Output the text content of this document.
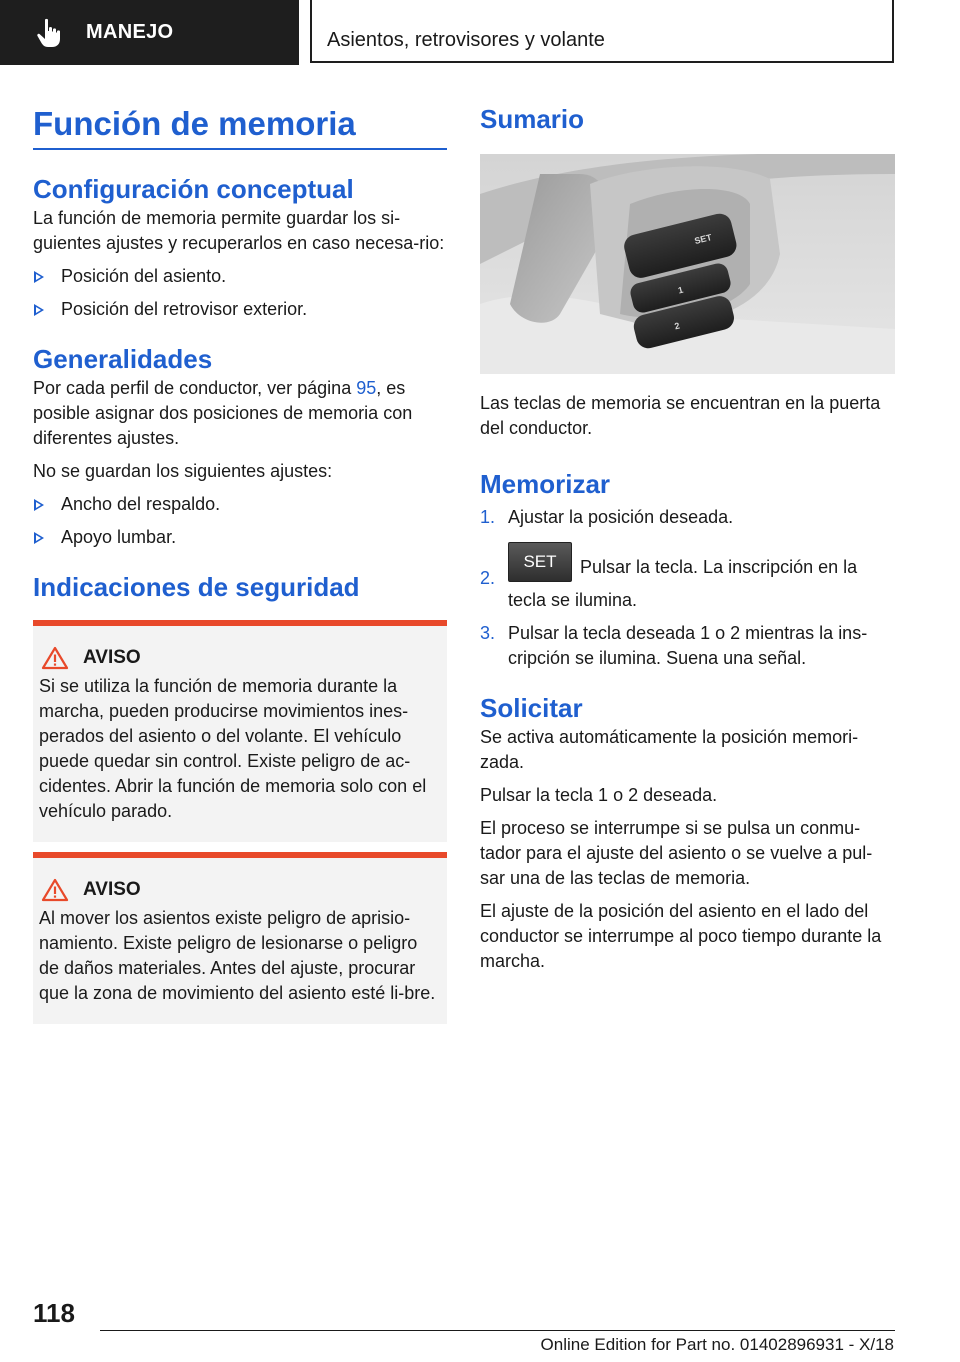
MANEJO	Asientos, retrovisores y volante
Función de memoria
Configuración conceptual

La función de memoria permite guardar los si-guientes ajustes y recuperarlos en caso necesa-rio:

Posición del asiento.
Posición del retrovisor exterior.
Generalidades

Por cada perfil de conductor, ver página 95, es posible asignar dos posiciones de memoria con diferentes ajustes.

No se guardan los siguientes ajustes:

Ancho del respaldo.
Apoyo lumbar.
Indicaciones de seguridad
AVISO

Si se utiliza la función de memoria durante la marcha, pueden producirse movimientos ines-perados del asiento o del volante. El vehículo puede quedar sin control. Existe peligro de ac-cidentes. Abrir la función de memoria solo con el vehículo parado.

AVISO

Al mover los asientos existe peligro de aprisio-namiento. Existe peligro de lesionarse o peligro de daños materiales. Antes del ajuste, procurar que la zona de movimiento del asiento esté li-bre.

Sumario
SET
1
2

Las teclas de memoria se encuentran en la puerta del conductor.

Memorizar
1. Ajustar la posición deseada.
2.
SET Pulsar la tecla. La inscripción en la tecla se ilumina.
3. Pulsar la tecla deseada 1 o 2 mientras la ins-cripción se ilumina. Suena una señal.
Solicitar

Se activa automáticamente la posición memori-zada.

Pulsar la tecla 1 o 2 deseada.

El proceso se interrumpe si se pulsa un conmu-tador para el ajuste del asiento o se vuelve a pul-sar una de las teclas de memoria.

El ajuste de la posición del asiento en el lado del conductor se interrumpe al poco tiempo durante la marcha.

118
Online Edition for Part no. 01402896931 - X/18
